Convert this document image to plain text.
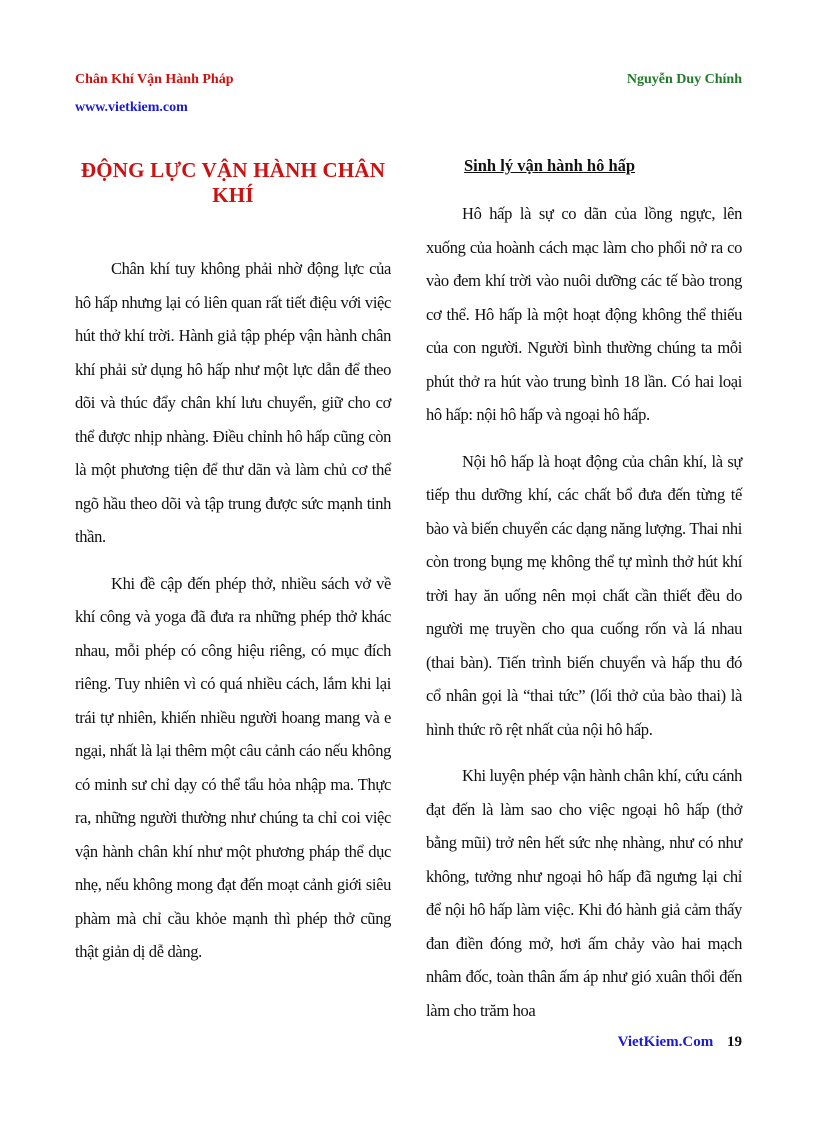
Chân Khí Vận Hành Pháp
www.vietkiem.com
Nguyễn Duy Chính
ĐỘNG LỰC VẬN HÀNH CHÂN KHÍ

Chân khí tuy không phải nhờ động lực của hô hấp nhưng lại có liên quan rất tiết điệu với việc hút thở khí trời. Hành giả tập phép vận hành chân khí phải sử dụng hô hấp như một lực dẫn để theo dõi và thúc đẩy chân khí lưu chuyển, giữ cho cơ thể được nhịp nhàng. Điều chỉnh hô hấp cũng còn là một phương tiện để thư dãn và làm chủ cơ thể ngõ hầu theo dõi và tập trung được sức mạnh tinh thần.

Khi đề cập đến phép thở, nhiều sách vở về khí công và yoga đã đưa ra những phép thở khác nhau, mỗi phép có công hiệu riêng, có mục đích riêng. Tuy nhiên vì có quá nhiều cách, lắm khi lại trái tự nhiên, khiến nhiều người hoang mang và e ngại, nhất là lại thêm một câu cảnh cáo nếu không có minh sư chỉ dạy có thể tẩu hỏa nhập ma. Thực ra, những người thường như chúng ta chỉ coi việc vận hành chân khí như một phương pháp thể dục nhẹ, nếu không mong đạt đến moạt cảnh giới siêu phàm mà chỉ cầu khỏe mạnh thì phép thở cũng thật giản dị dễ dàng.

Sinh lý vận hành hô hấp

Hô hấp là sự co dãn của lồng ngực, lên xuống của hoành cách mạc làm cho phổi nở ra co vào đem khí trời vào nuôi dưỡng các tế bào trong cơ thể. Hô hấp là một hoạt động không thể thiếu của con người. Người bình thường chúng ta mỗi phút thở ra hút vào trung bình 18 lần. Có hai loại hô hấp: nội hô hấp và ngoại hô hấp.

Nội hô hấp là hoạt động của chân khí, là sự tiếp thu dưỡng khí, các chất bổ đưa đến từng tế bào và biến chuyển các dạng năng lượng. Thai nhi còn trong bụng mẹ không thể tự mình thở hút khí trời hay ăn uống nên mọi chất cần thiết đều do người mẹ truyền cho qua cuống rốn và lá nhau (thai bàn). Tiến trình biến chuyển và hấp thu đó cổ nhân gọi là “thai tức” (lối thở của bào thai) là hình thức rõ rệt nhất của nội hô hấp.

Khi luyện phép vận hành chân khí, cứu cánh đạt đến là làm sao cho việc ngoại hô hấp (thở bằng mũi) trở nên hết sức nhẹ nhàng, như có như không, tưởng như ngoại hô hấp đã ngưng lại chỉ để nội hô hấp làm việc. Khi đó hành giả cảm thấy đan điền đóng mở, hơi ấm chảy vào hai mạch nhâm đốc, toàn thân ấm áp như gió xuân thổi đến làm cho trăm hoa

VietKiem.Com 19
